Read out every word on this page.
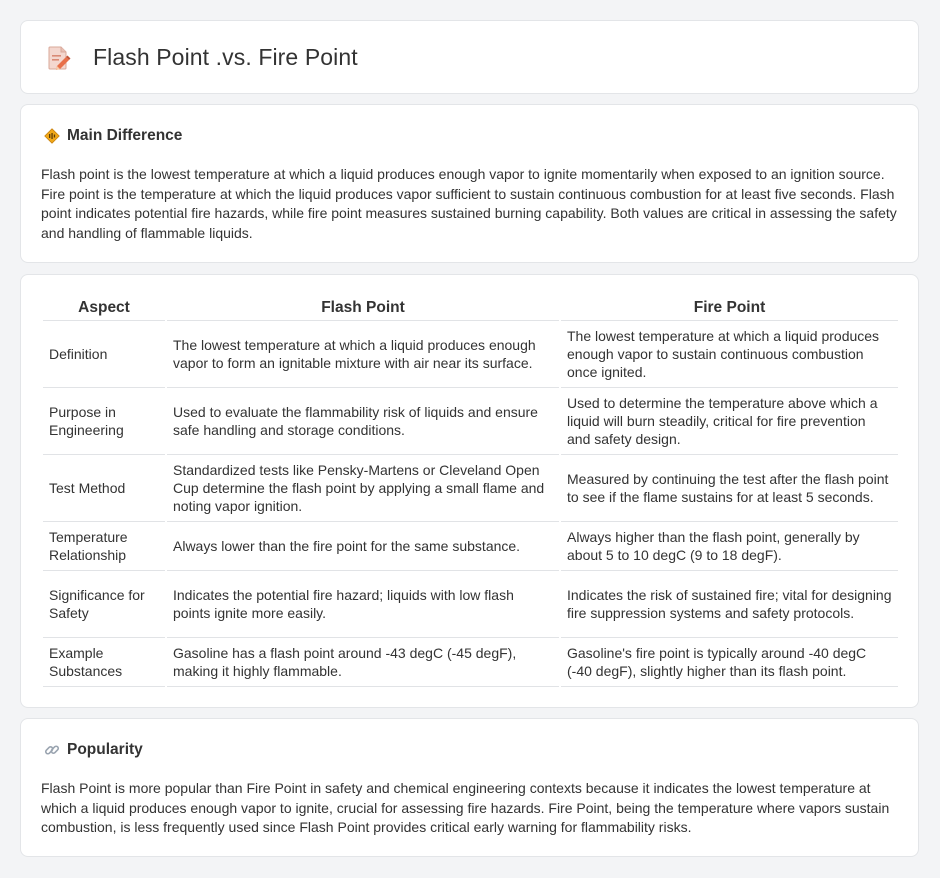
Flash Point .vs. Fire Point
Main Difference

Flash point is the lowest temperature at which a liquid produces enough vapor to ignite momentarily when exposed to an ignition source. Fire point is the temperature at which the liquid produces vapor sufficient to sustain continuous combustion for at least five seconds. Flash point indicates potential fire hazards, while fire point measures sustained burning capability. Both values are critical in assessing the safety and handling of flammable liquids.

Aspect	Flash Point	Fire Point
Definition	The lowest temperature at which a liquid produces enough vapor to form an ignitable mixture with air near its surface.	The lowest temperature at which a liquid produces enough vapor to sustain continuous combustion once ignited.
Purpose in Engineering	Used to evaluate the flammability risk of liquids and ensure safe handling and storage conditions.	Used to determine the temperature above which a liquid will burn steadily, critical for fire prevention and safety design.
Test Method	Standardized tests like Pensky-Martens or Cleveland Open Cup determine the flash point by applying a small flame and noting vapor ignition.	Measured by continuing the test after the flash point to see if the flame sustains for at least 5 seconds.
Temperature Relationship	Always lower than the fire point for the same substance.	Always higher than the flash point, generally by about 5 to 10 degC (9 to 18 degF).
Significance for Safety	Indicates the potential fire hazard; liquids with low flash points ignite more easily.	Indicates the risk of sustained fire; vital for designing fire suppression systems and safety protocols.
Example Substances	Gasoline has a flash point around -43 degC (-45 degF), making it highly flammable.	Gasoline's fire point is typically around -40 degC (-40 degF), slightly higher than its flash point.
Popularity

Flash Point is more popular than Fire Point in safety and chemical engineering contexts because it indicates the lowest temperature at which a liquid produces enough vapor to ignite, crucial for assessing fire hazards. Fire Point, being the temperature where vapors sustain combustion, is less frequently used since Flash Point provides critical early warning for flammability risks.
